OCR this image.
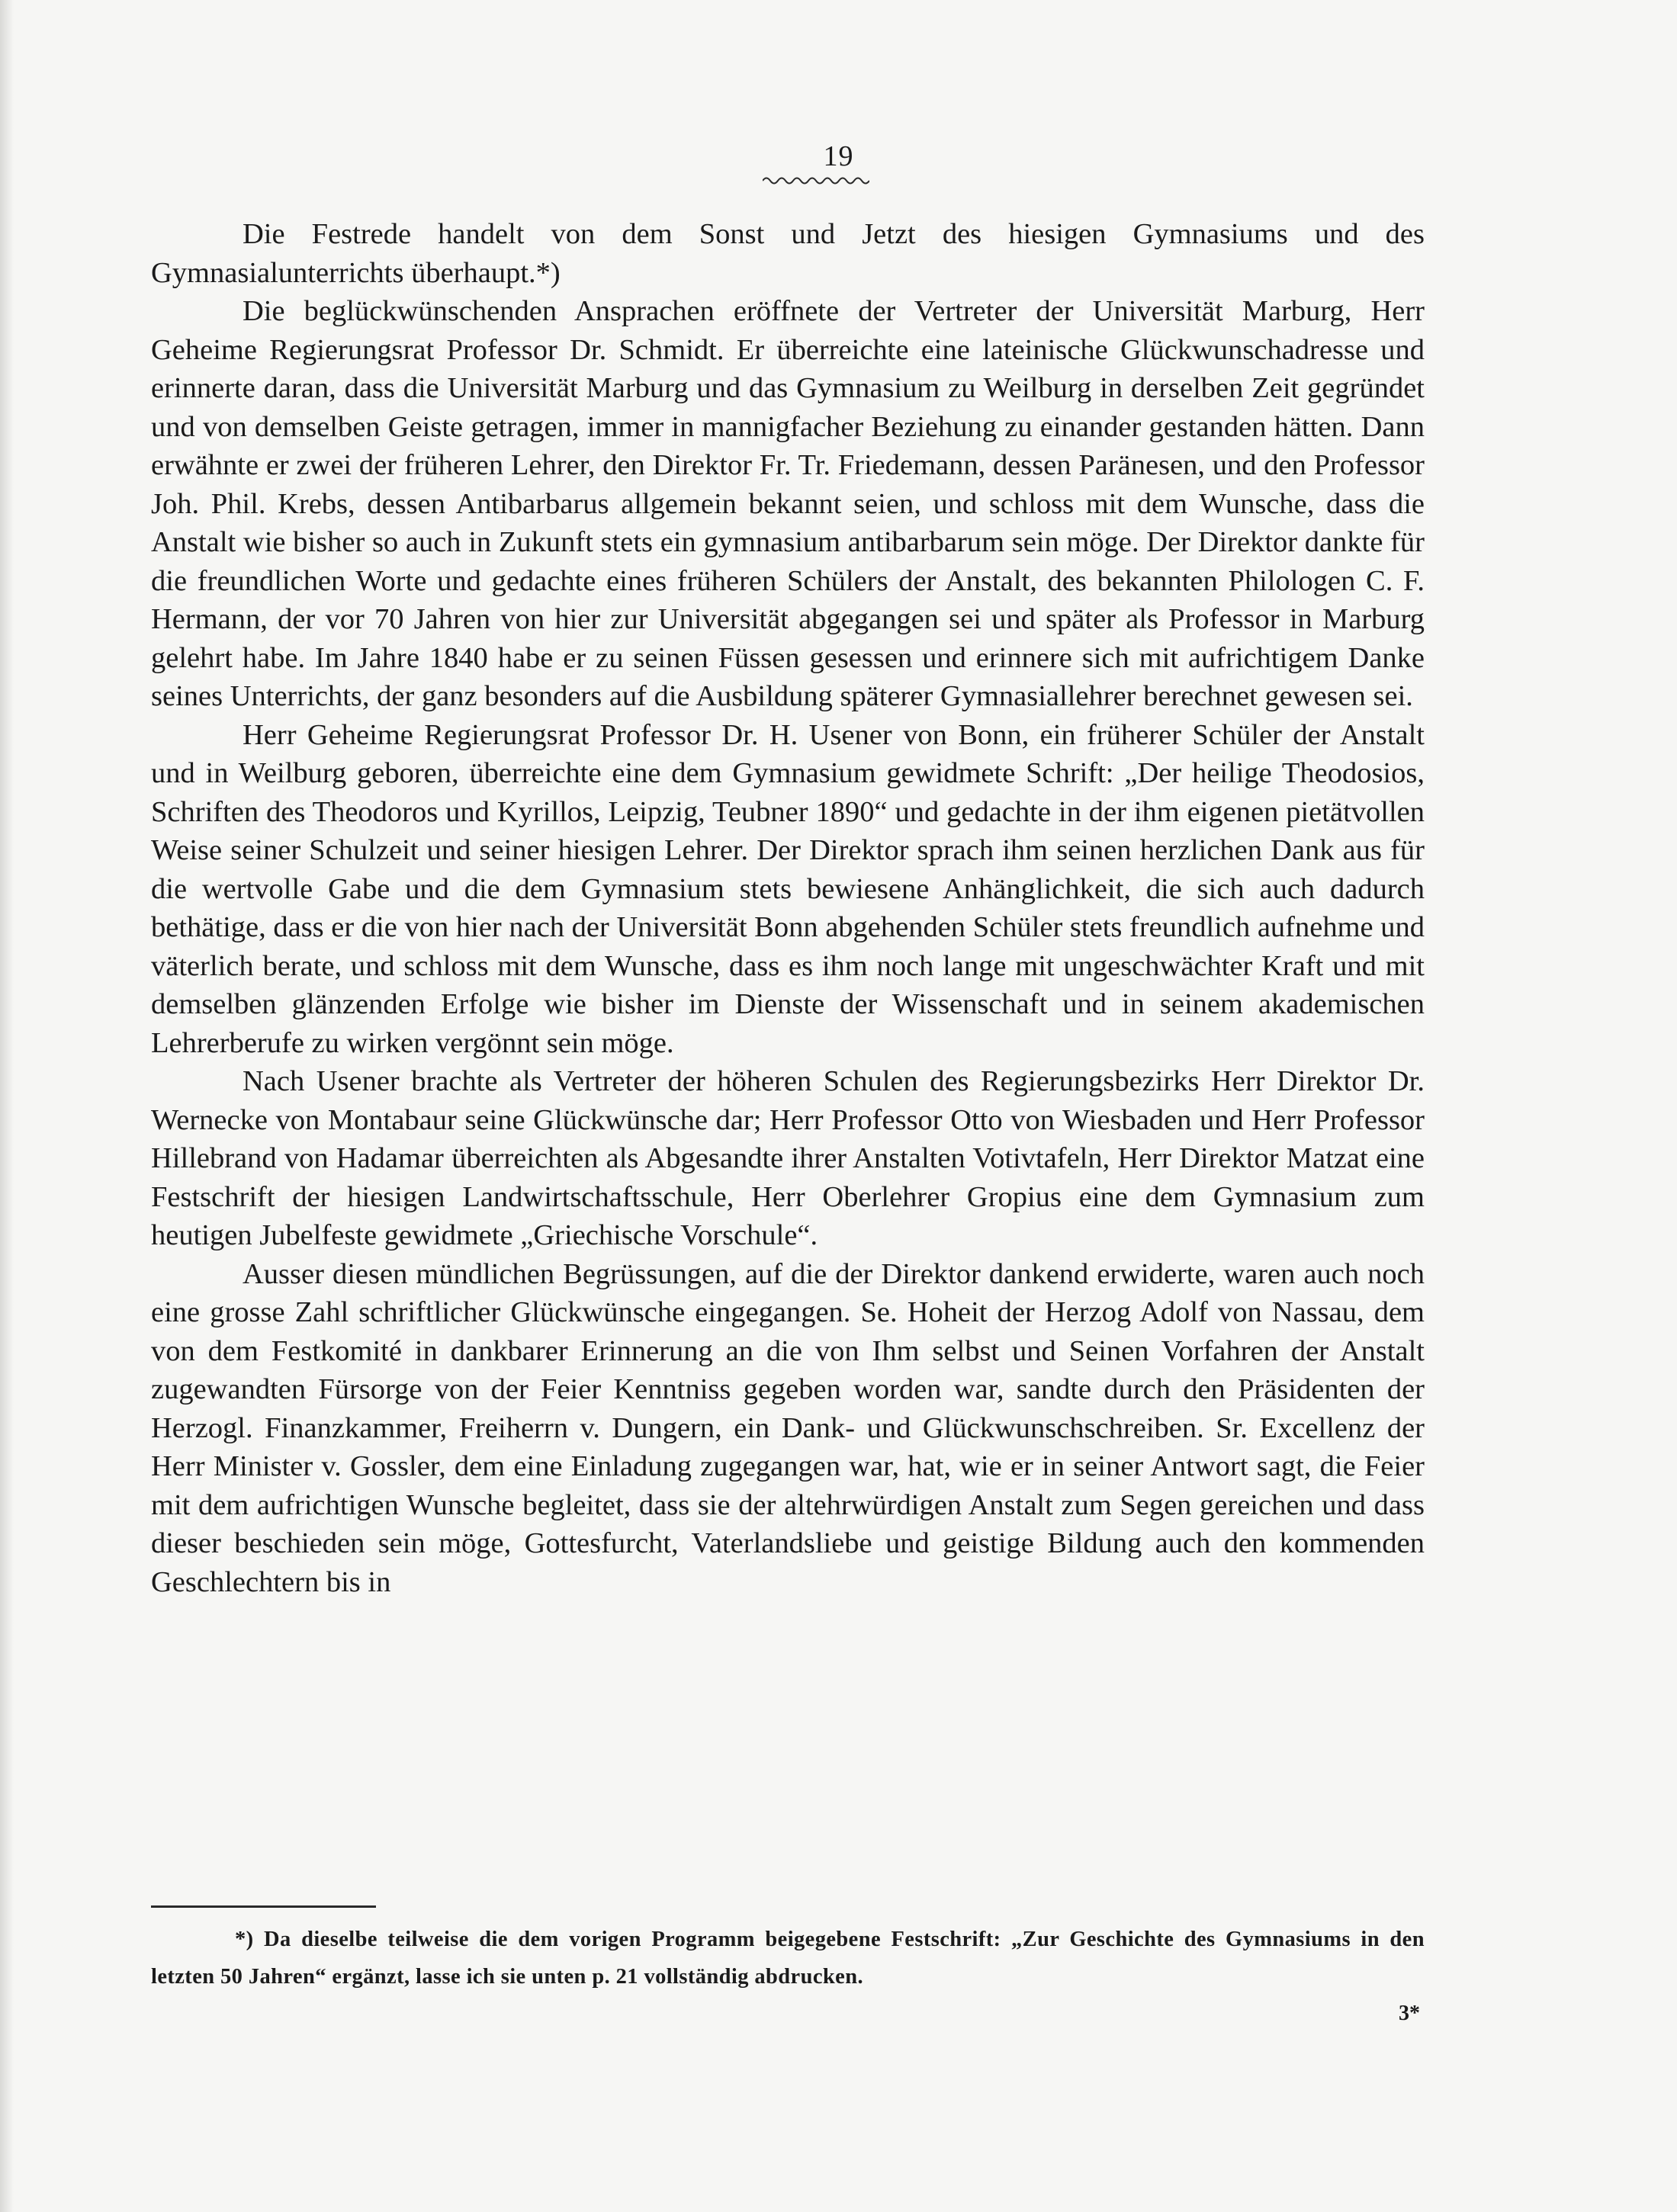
19

Die Festrede handelt von dem Sonst und Jetzt des hiesigen Gymnasiums und des Gymnasialunterrichts überhaupt.*)

Die beglückwünschenden Ansprachen eröffnete der Vertreter der Universität Marburg, Herr Geheime Regierungsrat Professor Dr. Schmidt. Er überreichte eine lateinische Glückwunschadresse und erinnerte daran, dass die Universität Marburg und das Gymnasium zu Weilburg in derselben Zeit gegründet und von demselben Geiste getragen, immer in mannigfacher Beziehung zu einander gestanden hätten. Dann erwähnte er zwei der früheren Lehrer, den Direktor Fr. Tr. Friedemann, dessen Paränesen, und den Professor Joh. Phil. Krebs, dessen Antibarbarus allgemein bekannt seien, und schloss mit dem Wunsche, dass die Anstalt wie bisher so auch in Zukunft stets ein gymnasium antibarbarum sein möge. Der Direktor dankte für die freundlichen Worte und gedachte eines früheren Schülers der Anstalt, des bekannten Philologen C. F. Hermann, der vor 70 Jahren von hier zur Universität abgegangen sei und später als Professor in Marburg gelehrt habe. Im Jahre 1840 habe er zu seinen Füssen gesessen und erinnere sich mit aufrichtigem Danke seines Unterrichts, der ganz besonders auf die Ausbildung späterer Gymnasiallehrer berechnet gewesen sei.

Herr Geheime Regierungsrat Professor Dr. H. Usener von Bonn, ein früherer Schüler der Anstalt und in Weilburg geboren, überreichte eine dem Gymnasium gewidmete Schrift: „Der heilige Theodosios, Schriften des Theodoros und Kyrillos, Leipzig, Teubner 1890“ und gedachte in der ihm eigenen pietätvollen Weise seiner Schulzeit und seiner hiesigen Lehrer. Der Direktor sprach ihm seinen herzlichen Dank aus für die wertvolle Gabe und die dem Gymnasium stets bewiesene Anhänglichkeit, die sich auch dadurch bethätige, dass er die von hier nach der Universität Bonn abgehenden Schüler stets freundlich aufnehme und väterlich berate, und schloss mit dem Wunsche, dass es ihm noch lange mit ungeschwächter Kraft und mit demselben glänzenden Erfolge wie bisher im Dienste der Wissenschaft und in seinem akademischen Lehrerberufe zu wirken vergönnt sein möge.

Nach Usener brachte als Vertreter der höheren Schulen des Regierungsbezirks Herr Direktor Dr. Wernecke von Montabaur seine Glückwünsche dar; Herr Professor Otto von Wiesbaden und Herr Professor Hillebrand von Hadamar überreichten als Abgesandte ihrer Anstalten Votivtafeln, Herr Direktor Matzat eine Festschrift der hiesigen Landwirtschaftsschule, Herr Oberlehrer Gropius eine dem Gymnasium zum heutigen Jubelfeste gewidmete „Griechische Vorschule“.

Ausser diesen mündlichen Begrüssungen, auf die der Direktor dankend erwiderte, waren auch noch eine grosse Zahl schriftlicher Glückwünsche eingegangen. Se. Hoheit der Herzog Adolf von Nassau, dem von dem Festkomité in dankbarer Erinnerung an die von Ihm selbst und Seinen Vorfahren der Anstalt zugewandten Fürsorge von der Feier Kenntniss gegeben worden war, sandte durch den Präsidenten der Herzogl. Finanzkammer, Freiherrn v. Dungern, ein Dank- und Glückwunschschreiben. Sr. Excellenz der Herr Minister v. Gossler, dem eine Einladung zugegangen war, hat, wie er in seiner Antwort sagt, die Feier mit dem aufrichtigen Wunsche begleitet, dass sie der altehrwürdigen Anstalt zum Segen gereichen und dass dieser beschieden sein möge, Gottesfurcht, Vaterlandsliebe und geistige Bildung auch den kommenden Geschlechtern bis in

*) Da dieselbe teilweise die dem vorigen Programm beigegebene Festschrift: „Zur Geschichte des Gymnasiums in den letzten 50 Jahren“ ergänzt, lasse ich sie unten p. 21 vollständig abdrucken.

3*
